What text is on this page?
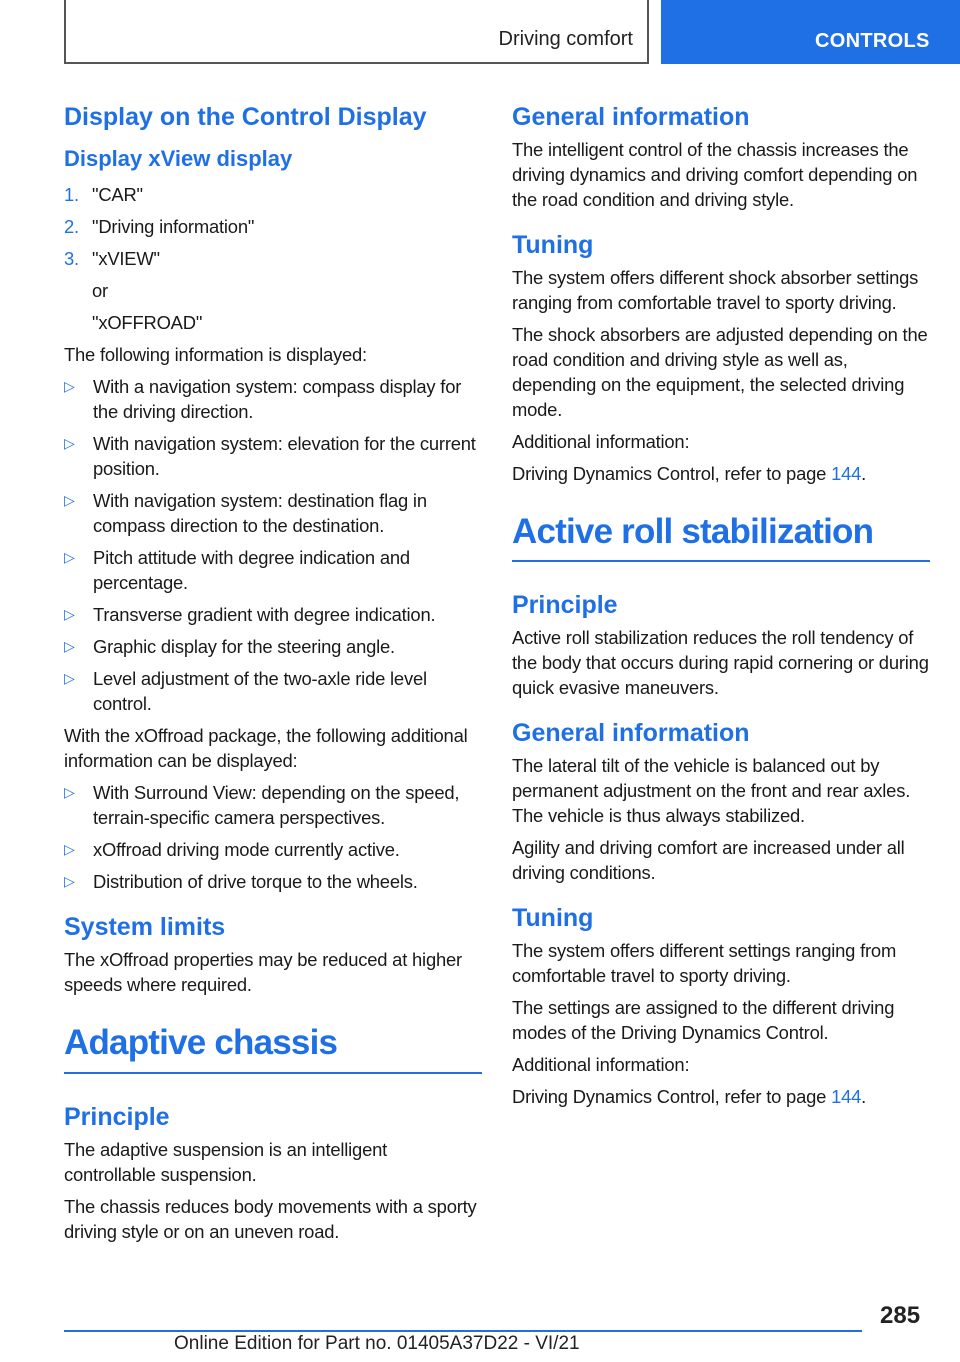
Driving comfort	CONTROLS
Display on the Control Display
Display xView display
1. "CAR"
2. "Driving information"
3. "xVIEW"
or
"xOFFROAD"

The following information is displayed:

▷	With a navigation system: compass display for the driving direction.
▷	With navigation system: elevation for the current position.
▷	With navigation system: destination flag in compass direction to the destination.
▷	Pitch attitude with degree indication and percentage.
▷	Transverse gradient with degree indication.
▷	Graphic display for the steering angle.
▷	Level adjustment of the two-axle ride level control.

With the xOffroad package, the following additional information can be displayed:

▷	With Surround View: depending on the speed, terrain-specific camera perspectives.
▷	xOffroad driving mode currently active.
▷	Distribution of drive torque to the wheels.
System limits

The xOffroad properties may be reduced at higher speeds where required.

Adaptive chassis
Principle

The adaptive suspension is an intelligent controllable suspension.

The chassis reduces body movements with a sporty driving style or on an uneven road.

General information

The intelligent control of the chassis increases the driving dynamics and driving comfort depending on the road condition and driving style.

Tuning

The system offers different shock absorber settings ranging from comfortable travel to sporty driving.

The shock absorbers are adjusted depending on the road condition and driving style as well as, depending on the equipment, the selected driving mode.

Additional information:

Driving Dynamics Control, refer to page 144.

Active roll stabilization
Principle

Active roll stabilization reduces the roll tendency of the body that occurs during rapid cornering or during quick evasive maneuvers.

General information

The lateral tilt of the vehicle is balanced out by permanent adjustment on the front and rear axles. The vehicle is thus always stabilized.

Agility and driving comfort are increased under all driving conditions.

Tuning

The system offers different settings ranging from comfortable travel to sporty driving.

The settings are assigned to the different driving modes of the Driving Dynamics Control.

Additional information:

Driving Dynamics Control, refer to page 144.

285
Online Edition for Part no. 01405A37D22 - VI/21
